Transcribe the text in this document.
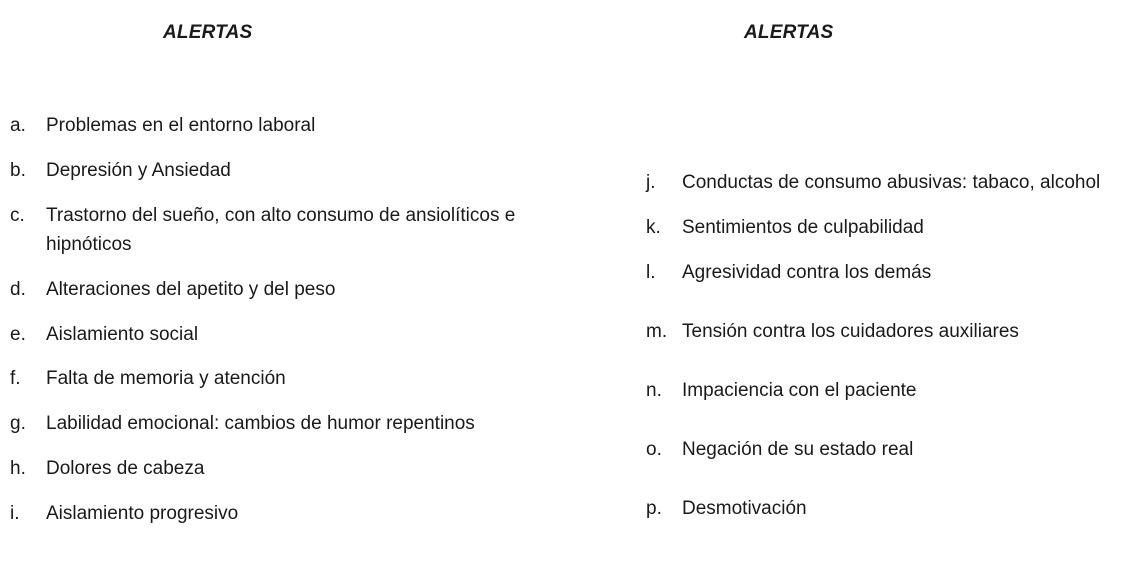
ALERTAS	ALERTAS
a. Problemas en el entorno laboral
b. Depresión y Ansiedad
c. Trastorno del sueño, con alto consumo de ansiolíticos e hipnóticos
d. Alteraciones del apetito y del peso
e. Aislamiento social
f. Falta de memoria y atención
g. Labilidad emocional: cambios de humor repentinos
h. Dolores de cabeza
i. Aislamiento progresivo
j. Conductas de consumo abusivas: tabaco, alcohol
k. Sentimientos de culpabilidad
l. Agresividad contra los demás
m. Tensión contra los cuidadores auxiliares
n. Impaciencia con el paciente
o. Negación de su estado real
p. Desmotivación
